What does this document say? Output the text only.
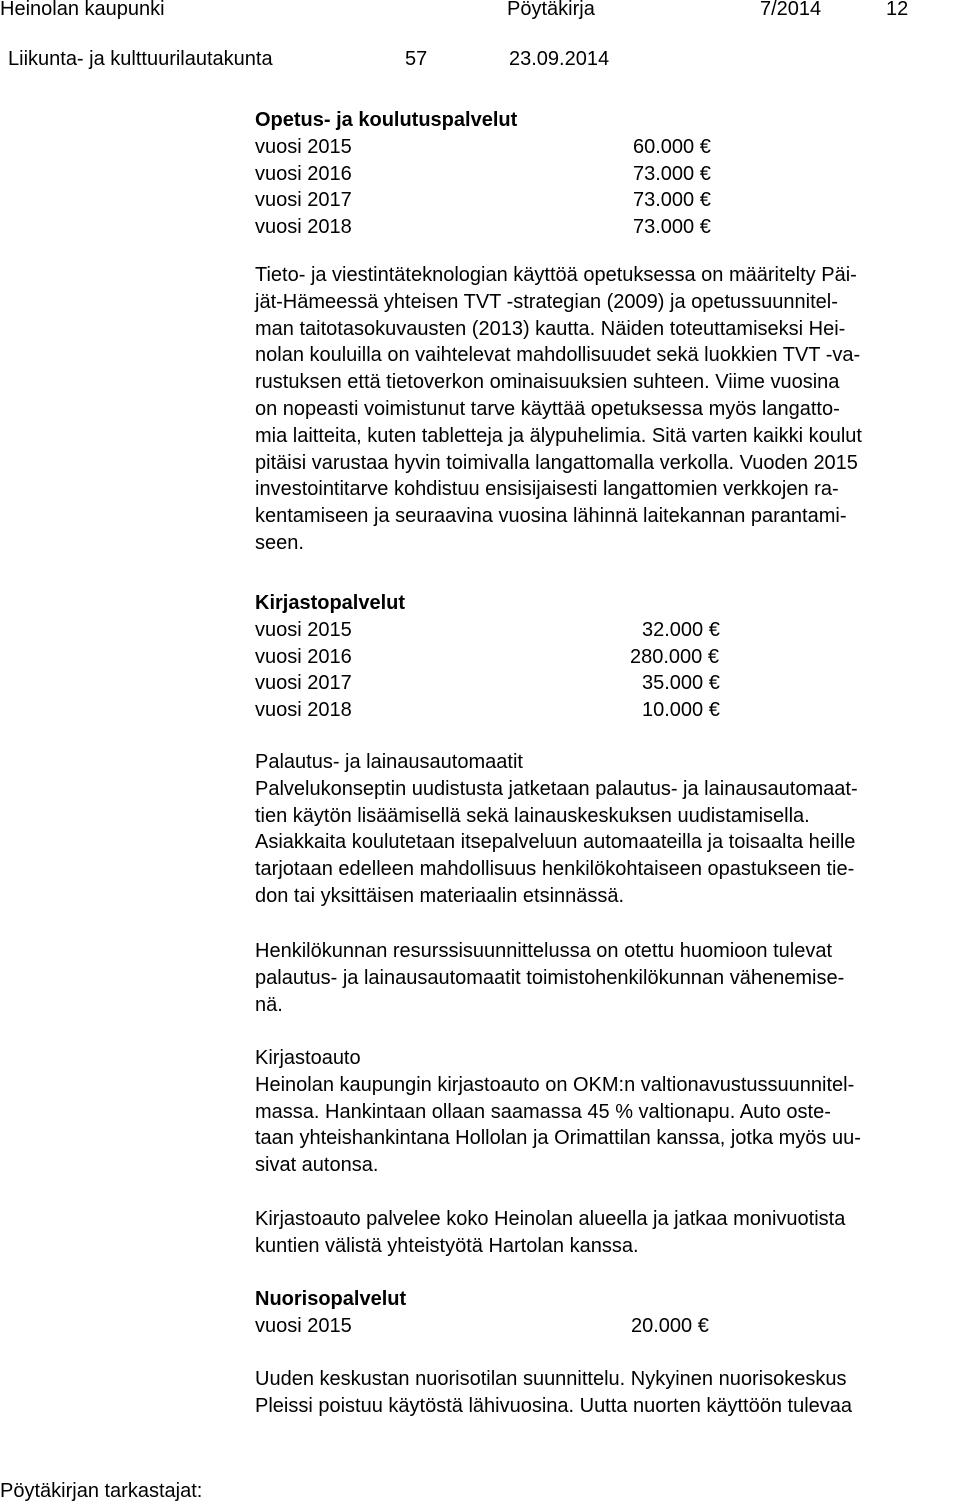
Heinolan kaupunki	Pöytäkirja	7/2014	12
Liikunta- ja kulttuurilautakunta	57	23.09.2014

Opetus- ja koulutuspalvelut

vuosi 2015	60.000 €
vuosi 2016	73.000 €
vuosi 2017	73.000 €
vuosi 2018	73.000 €

Tieto- ja viestintäteknologian käyttöä opetuksessa on määritelty Päi-
jät-Hämeessä yhteisen TVT -strategian (2009) ja opetussuunnitel-
man taitotasokuvausten (2013) kautta. Näiden toteuttamiseksi Hei-
nolan kouluilla on vaihtelevat mahdollisuudet sekä luokkien TVT -va-
rustuksen että tietoverkon ominaisuuksien suhteen. Viime vuosina
on nopeasti voimistunut tarve käyttää opetuksessa myös langatto-
mia laitteita, kuten tabletteja ja älypuhelimia. Sitä varten kaikki koulut
pitäisi varustaa hyvin toimivalla langattomalla verkolla. Vuoden 2015
investointitarve kohdistuu ensisijaisesti langattomien verkkojen ra-
kentamiseen ja seuraavina vuosina lähinnä laitekannan parantami-
seen.

Kirjastopalvelut

vuosi 2015	32.000 €
vuosi 2016	280.000 €
vuosi 2017	35.000 €
vuosi 2018	10.000 €

Palautus- ja lainausautomaatit

Palvelukonseptin uudistusta jatketaan palautus- ja lainausautomaat-
tien käytön lisäämisellä sekä lainauskeskuksen uudistamisella.
Asiakkaita koulutetaan itsepalveluun automaateilla ja toisaalta heille
tarjotaan edelleen mahdollisuus henkilökohtaiseen opastukseen tie-
don tai yksittäisen materiaalin etsinnässä.

Henkilökunnan resurssisuunnittelussa on otettu huomioon tulevat
palautus- ja lainausautomaatit toimistohenkilökunnan vähenemise-
nä.

Kirjastoauto

Heinolan kaupungin kirjastoauto on OKM:n valtionavustussuunnitel-
massa. Hankintaan ollaan saamassa 45 % valtionapu. Auto oste-
taan yhteishankintana Hollolan ja Orimattilan kanssa, jotka myös uu-
sivat autonsa.

Kirjastoauto palvelee koko Heinolan alueella ja jatkaa monivuotista
kuntien välistä yhteistyötä Hartolan kanssa.

Nuorisopalvelut

vuosi 2015	20.000 €

Uuden keskustan nuorisotilan suunnittelu. Nykyinen nuorisokeskus
Pleissi poistuu käytöstä lähivuosina. Uutta nuorten käyttöön tulevaa

Pöytäkirjan tarkastajat:
